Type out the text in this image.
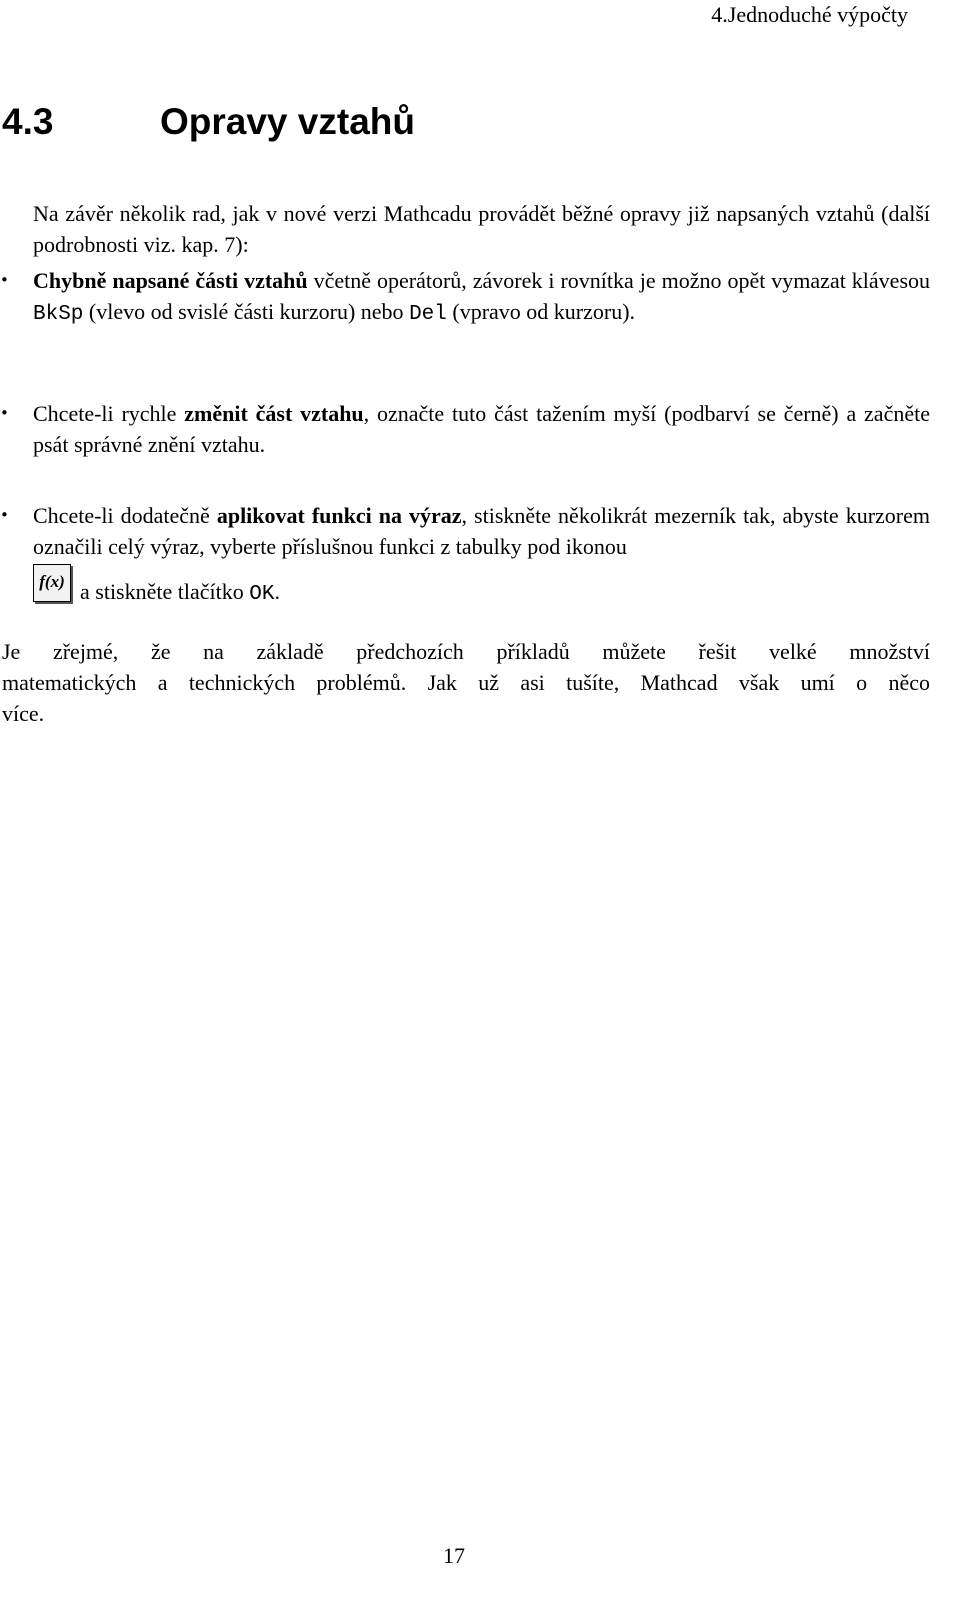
4.Jednoduché výpočty
4.3	Opravy vztahů

Na závěr několik rad, jak v nové verzi Mathcadu provádět běžné opravy již napsaných vztahů (další podrobnosti viz. kap. 7):

•	Chybně napsané části vztahů včetně operátorů, závorek i rovnítka je možno opět vymazat klávesou BkSp (vlevo od svislé části kurzoru) nebo Del (vpravo od kurzoru).
•	Chcete-li rychle změnit část vztahu, označte tuto část tažením myší (podbarví se černě) a začněte psát správné znění vztahu.
•	Chcete-li dodatečně aplikovat funkci na výraz, stiskněte několikrát mezerník tak, abyste kurzorem označili celý výraz, vyberte příslušnou funkci z tabulky pod ikonou
f(x) a stiskněte tlačítko OK.
Je zřejmé, že na základě předchozích příkladů můžete řešit velké množství
matematických a technických problémů. Jak už asi tušíte, Mathcad však umí o něco
více.
17
